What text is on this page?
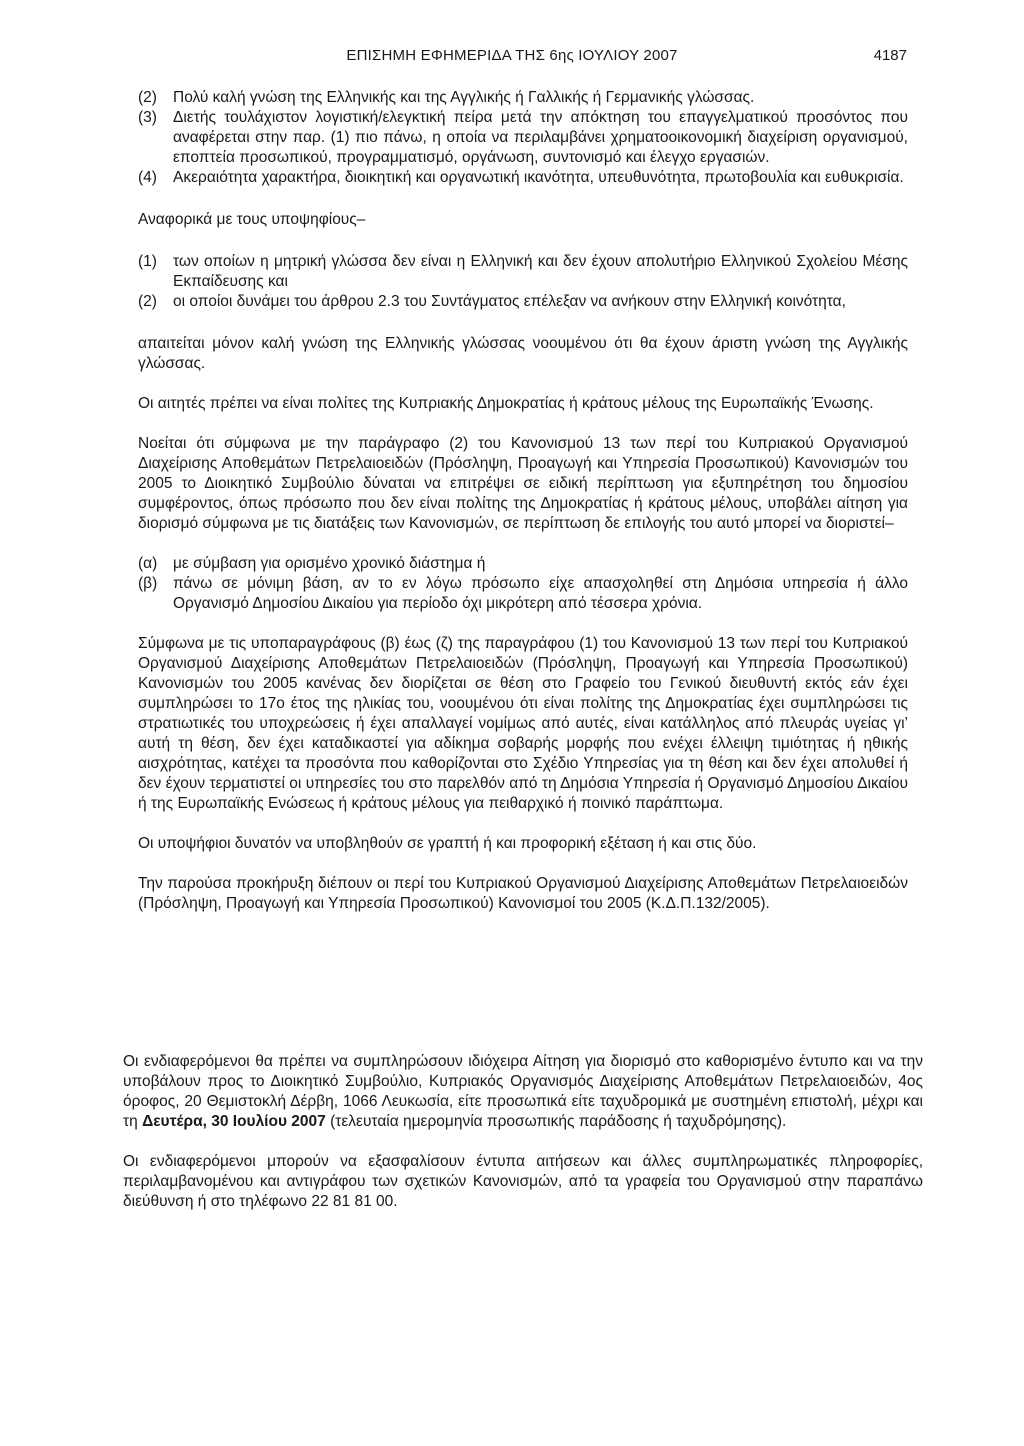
ΕΠΙΣΗΜΗ ΕΦΗΜΕΡΙΔΑ ΤΗΣ 6ης ΙΟΥΛΙΟΥ 2007	4187
(2)	Πολύ καλή γνώση της Ελληνικής και της Αγγλικής ή Γαλλικής ή Γερμανικής γλώσσας.
(3)	Διετής τουλάχιστον λογιστική/ελεγκτική πείρα μετά την απόκτηση του επαγγελματικού προσόντος που αναφέρεται στην παρ. (1) πιο πάνω, η οποία να περιλαμβάνει χρηματοοικονομική διαχείριση οργανισμού, εποπτεία προσωπικού, προγραμματισμό, οργάνωση, συντονισμό και έλεγχο εργασιών.
(4)	Ακεραιότητα χαρακτήρα, διοικητική και οργανωτική ικανότητα, υπευθυνότητα, πρωτοβουλία και ευθυκρισία.

Αναφορικά με τους υποψηφίους–

(1)	των οποίων η μητρική γλώσσα δεν είναι η Ελληνική και δεν έχουν απολυτήριο Ελληνικού Σχολείου Μέσης Εκπαίδευσης και
(2)	οι οποίοι δυνάμει του άρθρου 2.3 του Συντάγματος επέλεξαν να ανήκουν στην Ελληνική κοινότητα,

απαιτείται μόνον καλή γνώση της Ελληνικής γλώσσας νοουμένου ότι θα έχουν άριστη γνώση της Αγγλικής γλώσσας.

Οι αιτητές πρέπει να είναι πολίτες της Κυπριακής Δημοκρατίας ή κράτους μέλους της Ευρωπαϊκής Ένωσης.

Νοείται ότι σύμφωνα με την παράγραφο (2) του Κανονισμού 13 των περί του Κυπριακού Οργανισμού Διαχείρισης Αποθεμάτων Πετρελαιοειδών (Πρόσληψη, Προαγωγή και Υπηρεσία Προσωπικού) Κανονισμών του 2005 το Διοικητικό Συμβούλιο δύναται να επιτρέψει σε ειδική περίπτωση για εξυπηρέτηση του δημοσίου συμφέροντος, όπως πρόσωπο που δεν είναι πολίτης της Δημοκρατίας ή κράτους μέλους, υποβάλει αίτηση για διορισμό σύμφωνα με τις διατάξεις των Κανονισμών, σε περίπτωση δε επιλογής του αυτό μπορεί να διοριστεί–

(α)	με σύμβαση για ορισμένο χρονικό διάστημα ή
(β)	πάνω σε μόνιμη βάση, αν το εν λόγω πρόσωπο είχε απασχοληθεί στη Δημόσια υπηρεσία ή άλλο Οργανισμό Δημοσίου Δικαίου για περίοδο όχι μικρότερη από τέσσερα χρόνια.

Σύμφωνα με τις υποπαραγράφους (β) έως (ζ) της παραγράφου (1) του Κανονισμού 13 των περί του Κυπριακού Οργανισμού Διαχείρισης Αποθεμάτων Πετρελαιοειδών (Πρόσληψη, Προαγωγή και Υπηρεσία Προσωπικού) Κανονισμών του 2005 κανένας δεν διορίζεται σε θέση στο Γραφείο του Γενικού διευθυντή εκτός εάν έχει συμπληρώσει το 17ο έτος της ηλικίας του, νοουμένου ότι είναι πολίτης της Δημοκρατίας έχει συμπληρώσει τις στρατιωτικές του υποχρεώσεις ή έχει απαλλαγεί νομίμως από αυτές, είναι κατάλληλος από πλευράς υγείας γι’ αυτή τη θέση, δεν έχει καταδικαστεί για αδίκημα σοβαρής μορφής που ενέχει έλλειψη τιμιότητας ή ηθικής αισχρότητας, κατέχει τα προσόντα που καθορίζονται στο Σχέδιο Υπηρεσίας για τη θέση και δεν έχει απολυθεί ή δεν έχουν τερματιστεί οι υπηρεσίες του στο παρελθόν από τη Δημόσια Υπηρεσία ή Οργανισμό Δημοσίου Δικαίου ή της Ευρωπαϊκής Ενώσεως ή κράτους μέλους για πειθαρχικό ή ποινικό παράπτωμα.

Οι υποψήφιοι δυνατόν να υποβληθούν σε γραπτή ή και προφορική εξέταση ή και στις δύο.

Την παρούσα προκήρυξη διέπουν οι περί του Κυπριακού Οργανισμού Διαχείρισης Αποθεμάτων Πετρελαιοειδών (Πρόσληψη, Προαγωγή και Υπηρεσία Προσωπικού) Κανονισμοί του 2005 (Κ.Δ.Π.132/2005).

Οι ενδιαφερόμενοι θα πρέπει να συμπληρώσουν ιδιόχειρα Αίτηση για διορισμό στο καθορισμένο έντυπο και να την υποβάλουν προς το Διοικητικό Συμβούλιο, Κυπριακός Οργανισμός Διαχείρισης Αποθεμάτων Πετρελαιοειδών, 4ος όροφος, 20 Θεμιστοκλή Δέρβη, 1066 Λευκωσία, είτε προσωπικά είτε ταχυδρομικά με συστημένη επιστολή, μέχρι και τη Δευτέρα, 30 Ιουλίου 2007 (τελευταία ημερομηνία προσωπικής παράδοσης ή ταχυδρόμησης).

Οι ενδιαφερόμενοι μπορούν να εξασφαλίσουν έντυπα αιτήσεων και άλλες συμπληρωματικές πληροφορίες, περιλαμβανομένου και αντιγράφου των σχετικών Κανονισμών, από τα γραφεία του Οργανισμού στην παραπάνω διεύθυνση ή στο τηλέφωνο 22 81 81 00.
